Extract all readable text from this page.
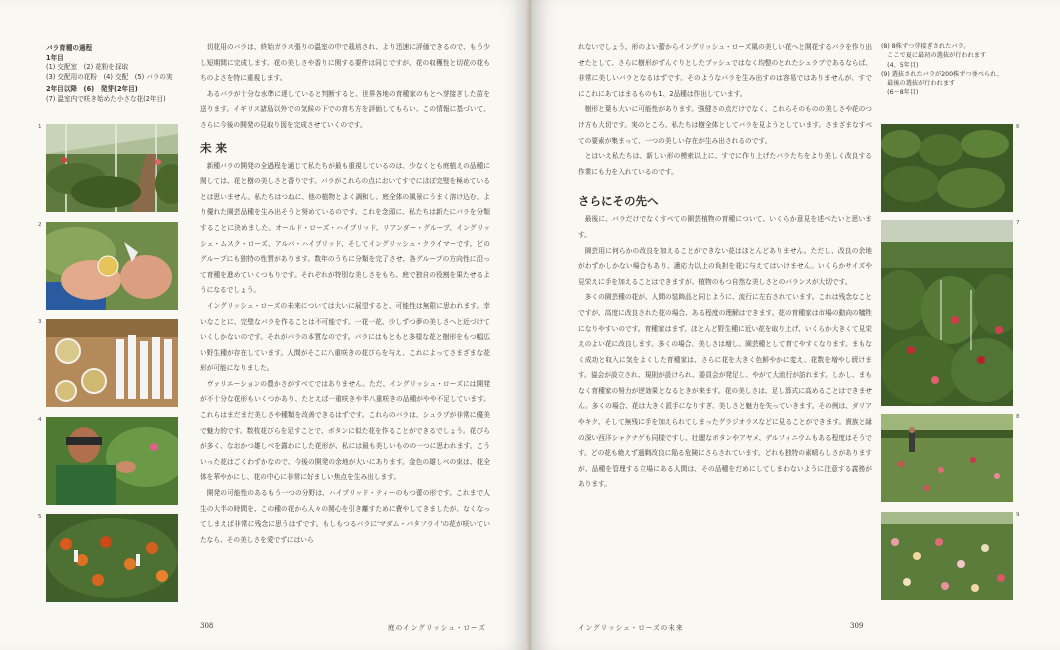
バラ育種の過程
1年目
(1) 交配室　(2) 花粉を採取
(3) 交配用の花粉　(4) 交配　(5) バラの実
2年目以降　(6)　発芽(2年目)
(7) 温室内で咲き始めた小さな花(2年目)
1
2
3
4
5

切花用のバラは、終始ガラス張りの温室の中で栽培され、より迅速に評価できるので、もう少し短期間に完成します。花の美しさや香りに関する要件は同じですが、花の収穫性と切花の花もちのよさを特に重視します。

あるバラが十分な水準に達していると判断すると、世界各地の育種家のもとへ芽接ぎした苗を送ります。イギリス諸島以外での気候の下での育ち方を評価してもらい、この情報に基づいて、さらに今後の開発の見取り図を完成させていくのです。

未 来

新種バラの開発の全過程を通じて私たちが最も重視しているのは、少なくとも庭植えの品種に関しては、花と樹の美しさと香りです。バラがこれらの点においてすでにほぼ完璧を極めているとは思いません。私たちはつねに、他の植物とよく調和し、庭全体の風景にうまく溶け込む、より優れた園芸品種を生み出そうと努めているのです。これを念頭に、私たちは新たにバラを分類することに決めました。オールド・ローズ・ハイブリッド、リアンダー・グループ、イングリッシュ・ムスク・ローズ、アルバ・ハイブリッド、そしてイングリッシュ・クライマーです。どのグループにも独特の性質があります。数年のうちに分類を完了させ、各グループの方向性に沿って育種を進めていくつもりです。それぞれが特別な美しさをもち、庭で独自の役割を果たせるようになるでしょう。

イングリッシュ・ローズの未来については大いに展望すると、可能性は無限に思われます。幸いなことに、完璧なバラを作ることは不可能です。一花一花、少しずつ夢の美しさへと近づけていくしかないのです。それがバラの本質なのです。バラにはもともと多様な花と樹形をもつ幅広い野生種が存在しています。人間がそこに八重咲きの花びらを与え、これによってさまざまな花形が可能になりました。

ヴァリエーションの豊かさがすべてではありません。ただ、イングリッシュ・ローズには開発が不十分な花形もいくつかあり、たとえば一重咲きや半八重咲きの品種がやや不足しています。これらはまだまだ美しさや種類を改善できるはずです。これらのバラは、シュラブが非常に優美で魅力的です。数枚花びらを足すことで、ボタンに似た花を作ることができるでしょう。花びらが多く、なおかつ雄しべを露わにした花形が、私には最も美しいものの一つに思われます。こういった花はごくわずかなので、今後の開発の余地が大いにあります。金色の雄しべの束は、花全体を華やかにし、花の中心に非常に好ましい焦点を生み出します。

開発の可能性のあるもう一つの分野は、ハイブリッド・ティーのもつ蕾の形です。これまで人生の大半の時間を、この種の花から人々の関心を引き離すために費やしてきましたが、なくなってしまえば非常に残念に思うはずです。もしもつるバラに'マダム・バタフライ'の花が咲いていたなら、その美しさを愛でずにはいら

308	庭のイングリッシュ・ローズ

れないでしょう。形のよい蕾からイングリッシュ・ローズ風の美しい花へと開花するバラを作り出せたとして、さらに樹形がずんぐりとしたブッシュではなく均整のとれたシュラブであるならば、非常に美しいバラとなるはずです。そのようなバラを生み出すのは容易ではありませんが、すでにこれにあてはまるものも1、2品種は作出しています。

樹形と葉も大いに可能性があります。強健さの点だけでなく、これらそのものの美しさや花のつけ方も大切です。実のところ、私たちは樹全体としてバラを見ようとしています。さまざまなすべての要素が集まって、一つの美しい存在が生み出されるのです。

とはいえ私たちは、新しい形の模索以上に、すでに作り上げたバラたちをより美しく改良する作業にも力を入れているのです。

さらにその先へ

最後に、バラだけでなくすべての園芸植物の育種について、いくらか意見を述べたいと思います。

園芸用に何らかの改良を加えることができない花はほとんどありません。ただし、改良の余地がわずかしかない場合もあり、適応力以上の負担を花に与えてはいけません。いくらかサイズや見栄えに手を加えることはできますが、植物のもつ自然な美しさとのバランスが大切です。

多くの園芸種の花が、人間の装飾品と同じように、流行に左右されています。これは残念なことですが、高度に改良された花の場合、ある程度の理解はできます。花の育種家は市場の動向の犠牲になりやすいのです。育種家はまず、ほとんど野生種に近い花を取り上げ、いくらか大きくて見栄えのよい花に改良します。多くの場合、美しさは増し、園芸種として育てやすくなります。まもなく成功と収入に気をよくした育種家は、さらに花を大きく色鮮やかに変え、花数を増やし続けます。協会が設立され、規則が設けられ、委員会が発足し、やがて大流行が訪れます。しかし、まもなく育種家の努力が逆効果となるときが来ます。花の美しさは、足し算式に高めることはできません。多くの場合、花は大きく派手になりすぎ、美しさと魅力を失っていきます。その例は、ダリアやキク、そして無残に手を加えられてしまったグラジオラスなどに見ることができます。貴族と縁の深い西洋シャクナゲも同様ですし、壮麗なボタンやアヤメ、デルフィニウムもある程度はそうです。どの花も絶えず過剰改良に陥る危険にさらされています。どれも独特の素晴らしさがありますが、品種を管理する立場にある人間は、その品種をだめにしてしまわないように注意する義務があります。

イングリッシュ・ローズの未来	309
(8) 8株ずつ芽接ぎされたバラ。
　ここで夏に最初の選抜が行われます
　(4、5年目)
(9) 選抜されたバラが200株ずつ並べられ、
　最後の選抜が行われます
　(6～8年目)
6
7
8
9
